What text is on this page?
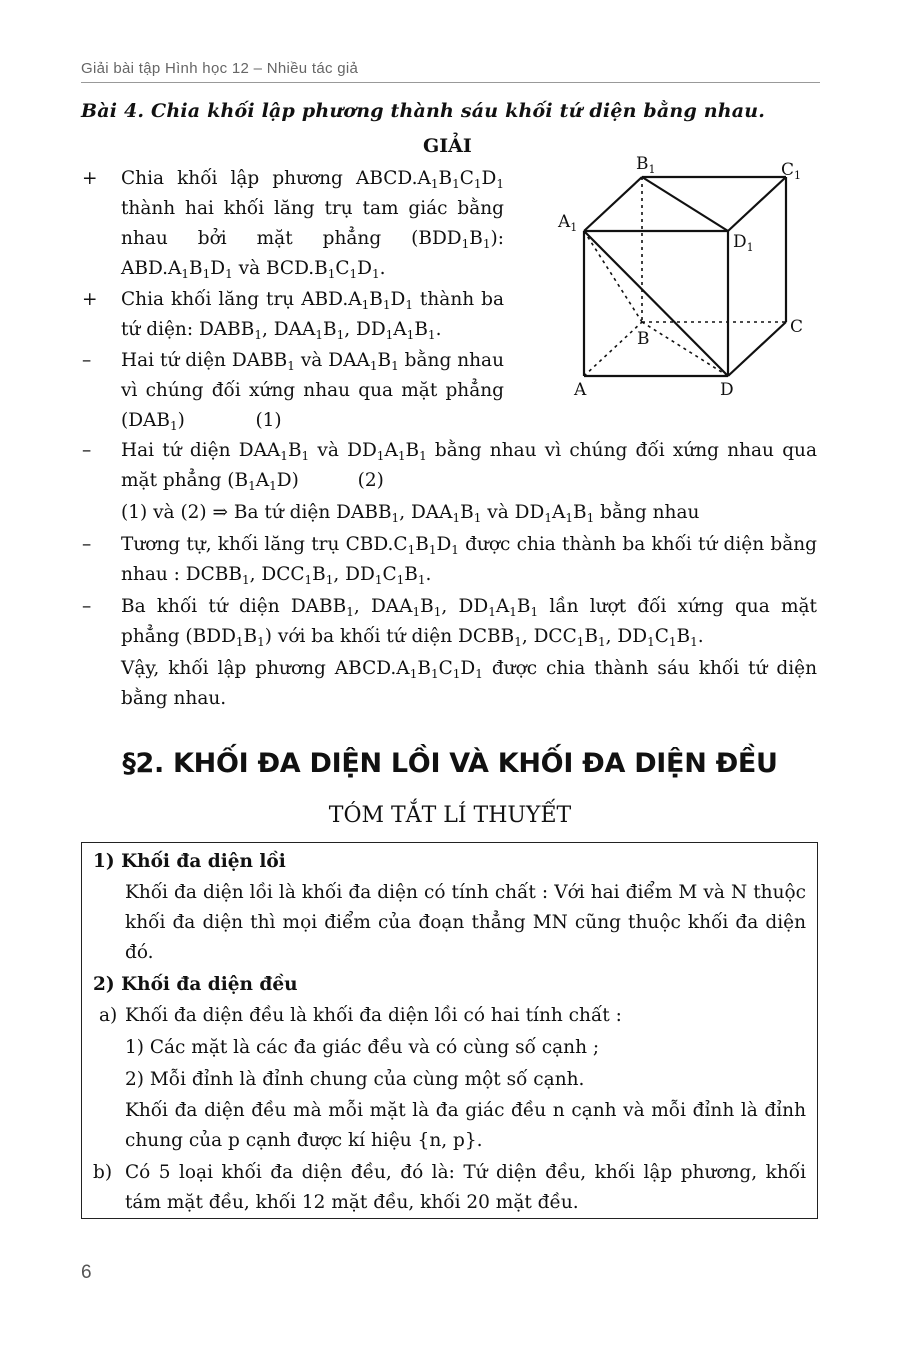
Giải bài tập Hình học 12 – Nhiều tác giả
Bài 4. Chia khối lập phương thành sáu khối tứ diện bằng nhau.
GIẢI
+ Chia khối lập phương $ABCD.A_1B_1C_1D_1$ thành hai khối lăng trụ tam giác bằng nhau bởi mặt phẳng $(BDD_1B_1)$: $ABD.A_1B_1D_1$ và $BCD.B_1C_1D_1$.
+ Chia khối lăng trụ $ABD.A_1B_1D_1$ thành ba tứ diện: $DABB_1$, $DAA_1B_1$, $DD_1A_1B_1$.
– Hai tứ diện $DABB_1$ và $DAA_1B_1$ bằng nhau vì chúng đối xứng nhau qua mặt phẳng $(DAB_1)$            (1)
– Hai tứ diện $DAA_1B_1$ và $DD_1A_1B_1$ bằng nhau vì chúng đối xứng nhau qua mặt phẳng $(B_1A_1D)$          (2)
(1) và (2) ⇒ Ba tứ diện $DABB_1$, $DAA_1B_1$ và $DD_1A_1B_1$ bằng nhau
– Tương tự, khối lăng trụ $CBD.C_1B_1D_1$ được chia thành ba khối tứ diện bằng nhau : $DCBB_1$, $DCC_1B_1$, $DD_1C_1B_1$.
– Ba khối tứ diện $DABB_1$, $DAA_1B_1$, $DD_1A_1B_1$ lần lượt đối xứng qua mặt phẳng $(BDD_1B_1)$ với ba khối tứ diện $DCBB_1$, $DCC_1B_1$, $DD_1C_1B_1$.
Vậy, khối lập phương $ABCD.A_1B_1C_1D_1$ được chia thành sáu khối tứ diện bằng nhau.
$B_1$	$C_1$
$A_1$
$D_1$
C
B
A	D
§2. KHỐI ĐA DIỆN LỒI VÀ KHỐI ĐA DIỆN ĐỀU
TÓM TẮT LÍ THUYẾT
1) Khối đa diện lồi
Khối đa diện lồi là khối đa diện có tính chất : Với hai điểm M và N thuộc khối đa diện thì mọi điểm của đoạn thẳng MN cũng thuộc khối đa diện đó.
2) Khối đa diện đều
a) Khối đa diện đều là khối đa diện lồi có hai tính chất :
1) Các mặt là các đa giác đều và có cùng số cạnh ;
2) Mỗi đỉnh là đỉnh chung của cùng một số cạnh.
Khối đa diện đều mà mỗi mặt là đa giác đều n cạnh và mỗi đỉnh là đỉnh chung của p cạnh được kí hiệu {n, p}.
b) Có 5 loại khối đa diện đều, đó là: Tứ diện đều, khối lập phương, khối tám mặt đều, khối 12 mặt đều, khối 20 mặt đều.
6
